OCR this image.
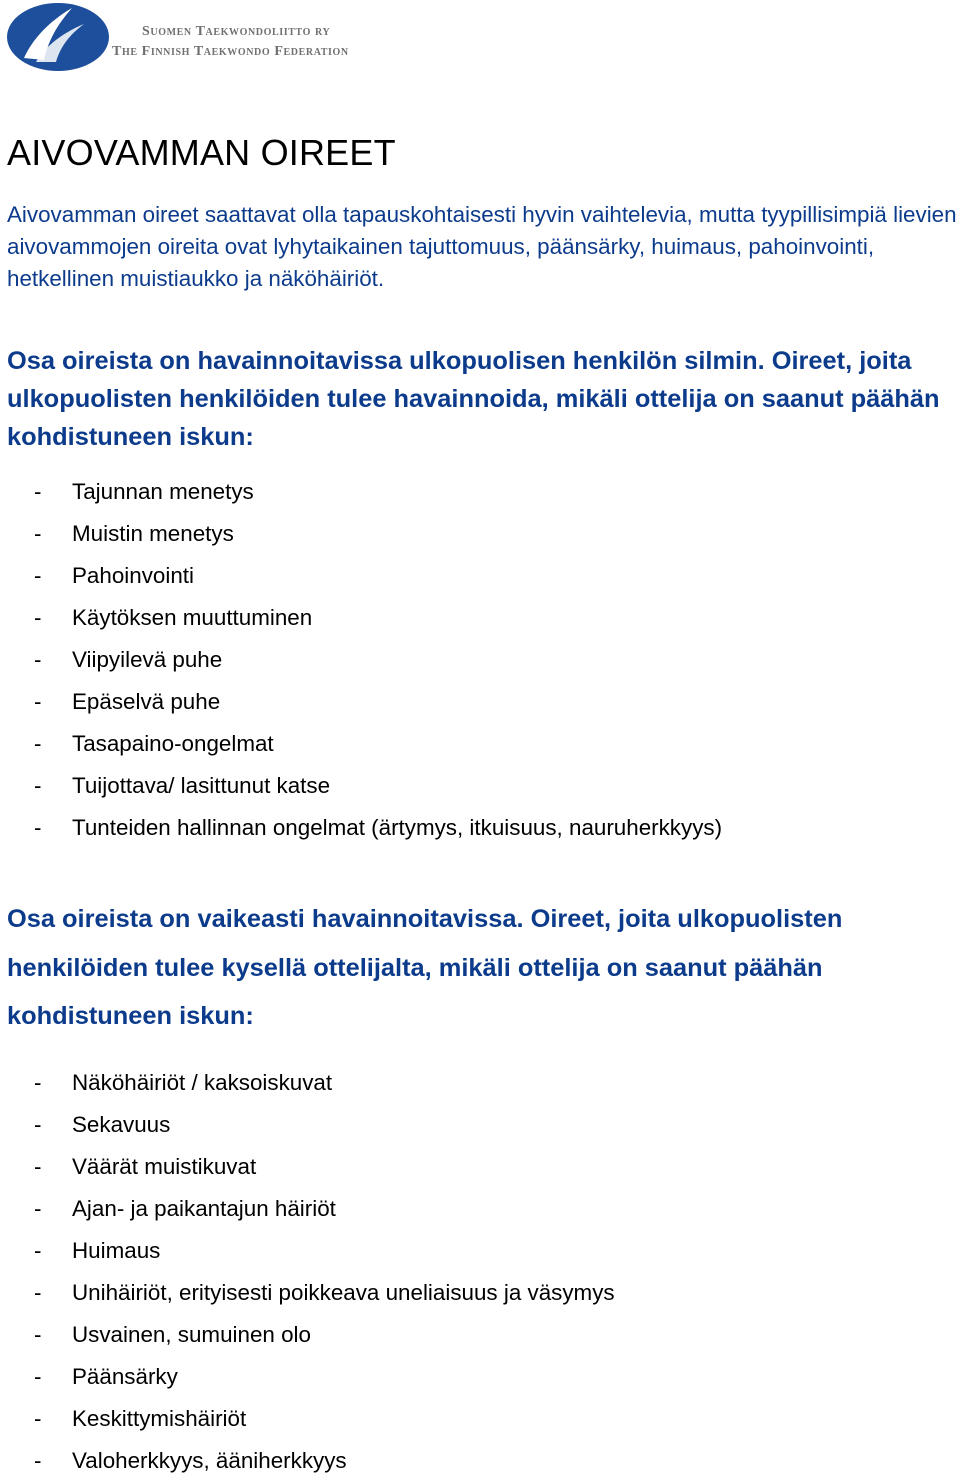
Suomen Taekwondoliitto ry
The Finnish Taekwondo Federation
AIVOVAMMAN OIREET

Aivovamman oireet saattavat olla tapauskohtaisesti hyvin vaihtelevia, mutta tyypillisimpiä lievien aivovammojen oireita ovat lyhytaikainen tajuttomuus, päänsärky, huimaus, pahoinvointi, hetkellinen muistiaukko ja näköhäiriöt.

Osa oireista on havainnoitavissa ulkopuolisen henkilön silmin. Oireet, joita ulkopuolisten henkilöiden tulee havainnoida, mikäli ottelija on saanut päähän kohdistuneen iskun:

- Tajunnan menetys
- Muistin menetys
- Pahoinvointi
- Käytöksen muuttuminen
- Viipyilevä puhe
- Epäselvä puhe
- Tasapaino-ongelmat
- Tuijottava/ lasittunut katse
- Tunteiden hallinnan ongelmat (ärtymys, itkuisuus, nauruherkkyys)

Osa oireista on vaikeasti havainnoitavissa. Oireet, joita ulkopuolisten henkilöiden tulee kysellä ottelijalta, mikäli ottelija on saanut päähän kohdistuneen iskun:

- Näköhäiriöt / kaksoiskuvat
- Sekavuus
- Väärät muistikuvat
- Ajan- ja paikantajun häiriöt
- Huimaus
- Unihäiriöt, erityisesti poikkeava uneliaisuus ja väsymys
- Usvainen, sumuinen olo
- Päänsärky
- Keskittymishäiriöt
- Valoherkkyys, ääniherkkyys
